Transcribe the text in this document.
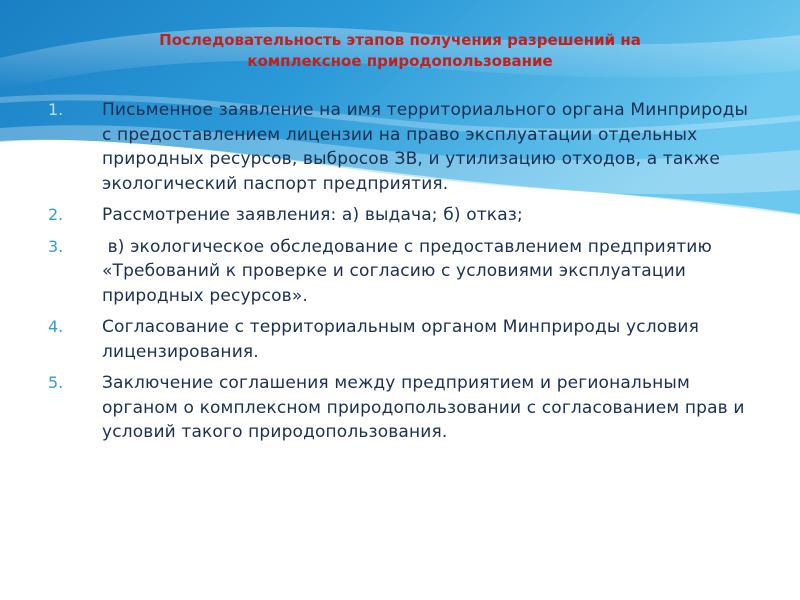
Последовательность этапов получения разрешений на
комплексное природопользование
1.	Письменное заявление на имя территориального органа Минприроды с предоставлением лицензии на право эксплуатации отдельных природных ресурсов, выбросов ЗВ, и утилизацию отходов, а также экологический паспорт предприятия.
2.	Рассмотрение заявления: а) выдача; б) отказ;
3.	в) экологическое обследование с предоставлением предприятию «Требований к проверке и согласию с условиями эксплуатации природных ресурсов».
4.	Согласование с территориальным органом Минприроды условия лицензирования.
5.	Заключение соглашения между предприятием и региональным органом о комплексном природопользовании с согласованием прав и условий такого природопользования.
